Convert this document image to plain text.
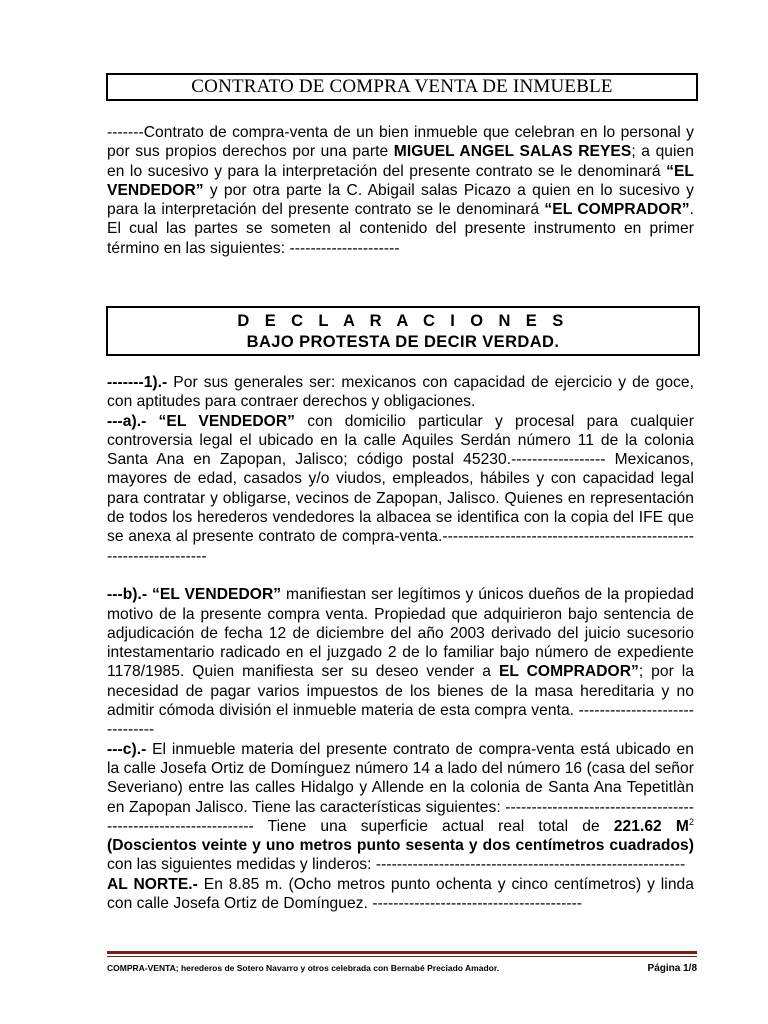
CONTRATO DE COMPRA VENTA DE INMUEBLE

-------Contrato de compra-venta de un bien inmueble que celebran en lo personal y por sus propios derechos por una parte MIGUEL ANGEL SALAS REYES; a quien en lo sucesivo y para la interpretación del presente contrato se le denominará “EL VENDEDOR” y por otra parte la C. Abigail salas Picazo a quien en lo sucesivo y para la interpretación del presente contrato se le denominará “EL COMPRADOR”. El cual las partes se someten al contenido del presente instrumento en primer término en las siguientes: ---------------------

D E C L A R A C I O N E S
BAJO PROTESTA DE DECIR VERDAD.

-------1).- Por sus generales ser: mexicanos con capacidad de ejercicio y de goce, con aptitudes para contraer derechos y obligaciones.

---a).- “EL VENDEDOR” con domicilio particular y procesal para cualquier controversia legal el ubicado en la calle Aquiles Serdán número 11 de la colonia Santa Ana en Zapopan, Jalisco; código postal 45230.------------------ Mexicanos, mayores de edad, casados y/o viudos, empleados, hábiles y con capacidad legal para contratar y obligarse, vecinos de Zapopan, Jalisco. Quienes en representación de todos los herederos vendedores la albacea se identifica con la copia del IFE que se anexa al presente contrato de compra-venta.-------------------------------------------------------------------

---b).- “EL VENDEDOR” manifiestan ser legítimos y únicos dueños de la propiedad motivo de la presente compra venta. Propiedad que adquirieron bajo sentencia de adjudicación de fecha 12 de diciembre del año 2003 derivado del juicio sucesorio intestamentario radicado en el juzgado 2 de lo familiar bajo número de expediente 1178/1985. Quien manifiesta ser su deseo vender a EL COMPRADOR”; por la necesidad de pagar varios impuestos de los bienes de la masa hereditaria y no admitir cómoda división el inmueble materia de esta compra venta. -------------------------------

---c).- El inmueble materia del presente contrato de compra-venta está ubicado en la calle Josefa Ortiz de Domínguez número 14 a lado del número 16 (casa del señor Severiano) entre las calles Hidalgo y Allende en la colonia de Santa Ana Tepetitlàn en Zapopan Jalisco. Tiene las características siguientes: ---------------------------------------------------------------- Tiene una superficie actual real total de 221.62 $M^2$ (Doscientos veinte y uno metros punto sesenta y dos centímetros cuadrados) con las siguientes medidas y linderos: -----------------------------------------------------------

AL NORTE.- En 8.85 m. (Ocho metros punto ochenta y cinco centímetros) y linda con calle Josefa Ortiz de Domínguez. ----------------------------------------

COMPRA-VENTA; herederos de Sotero Navarro y otros celebrada con Bernabé Preciado Amador.	Página 1/8
